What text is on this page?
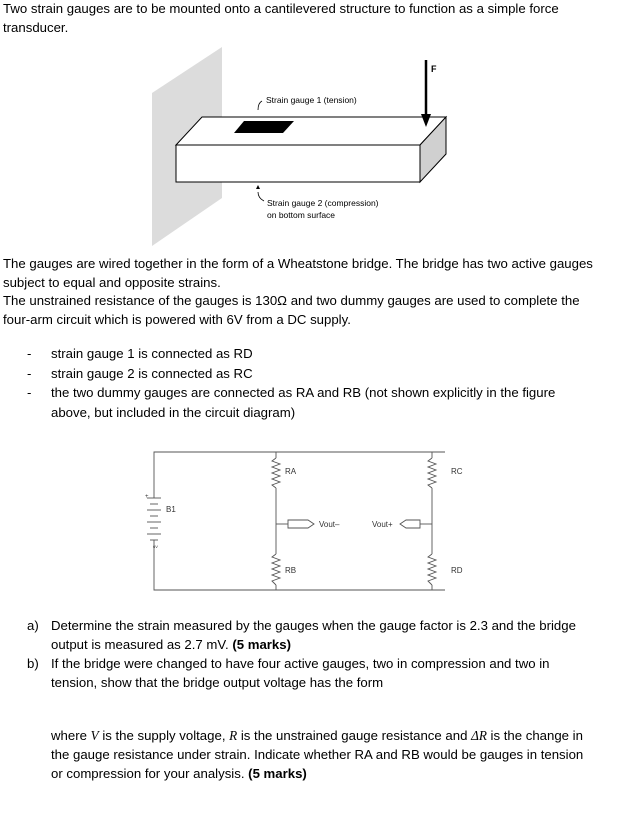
Two strain gauges are to be mounted onto a cantilevered structure to function as a simple force
transducer.
F
Strain gauge 1 (tension)
Strain gauge 2 (compression)
on bottom surface
The gauges are wired together in the form of a Wheatstone bridge. The bridge has two active gauges
subject to equal and opposite strains.
The unstrained resistance of the gauges is 130Ω and two dummy gauges are used to complete the
four-arm circuit which is powered with 6V from a DC supply.
-	strain gauge 1 is connected as RD
-	strain gauge 2 is connected as RC
-	the two dummy gauges are connected as RA and RB (not shown explicitly in the figure
above, but included in the circuit diagram)
+
B1
6V
RA
RB
RC
RD
Vout–	Vout+
a) Determine the strain measured by the gauges when the gauge factor is 2.3 and the bridge
output is measured as 2.7 mV. (5 marks)
b) If the bridge were changed to have four active gauges, two in compression and two in
tension, show that the bridge output voltage has the form
where V is the supply voltage, R is the unstrained gauge resistance and ΔR is the change in
the gauge resistance under strain. Indicate whether RA and RB would be gauges in tension
or compression for your analysis. (5 marks)
